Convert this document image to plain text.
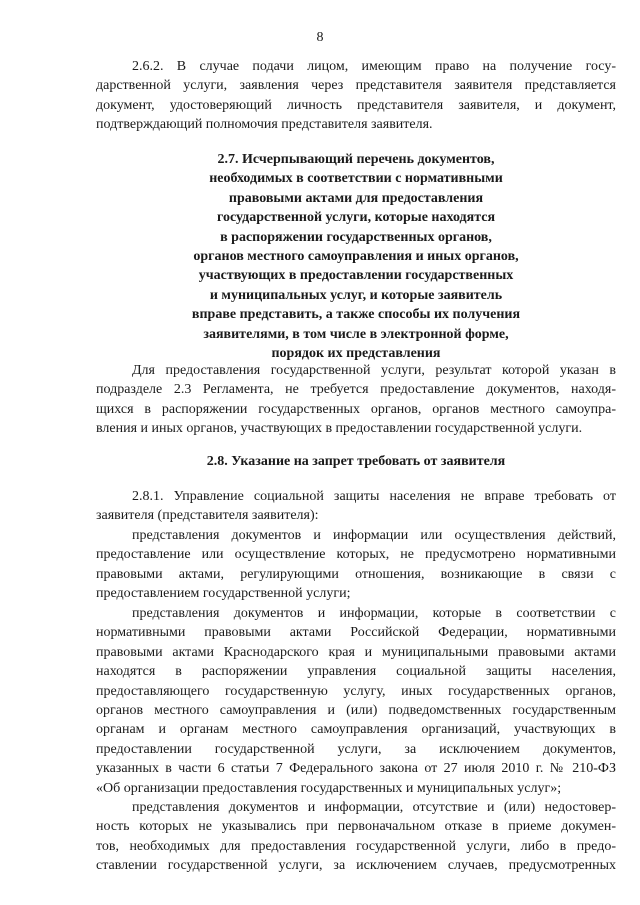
8

2.6.2. В случае подачи лицом, имеющим право на получение госу-
дарственной услуги, заявления через представителя заявителя представляется
документ, удостоверяющий личность представителя заявителя, и документ,
подтверждающий полномочия представителя заявителя.

2.7. Исчерпывающий перечень документов,
необходимых в соответствии с нормативными
правовыми актами для предоставления
государственной услуги, которые находятся
в распоряжении государственных органов,
органов местного самоуправления и иных органов,
участвующих в предоставлении государственных
и муниципальных услуг, и которые заявитель
вправе представить, а также способы их получения
заявителями, в том числе в электронной форме,
порядок их представления

Для предоставления государственной услуги, результат которой указан в
подразделе 2.3 Регламента, не требуется предоставление документов, находя-
щихся в распоряжении государственных органов, органов местного самоупра-
вления и иных органов, участвующих в предоставлении государственной услуги.

2.8. Указание на запрет требовать от заявителя

2.8.1. Управление социальной защиты населения не вправе требовать от
заявителя (представителя заявителя):

представления документов и информации или осуществления действий,
предоставление или осуществление которых, не предусмотрено нормативными
правовыми актами, регулирующими отношения, возникающие в связи с
предоставлением государственной услуги;

представления документов и информации, которые в соответствии с
нормативными правовыми актами Российской Федерации, нормативными
правовыми актами Краснодарского края и муниципальными правовыми актами
находятся в распоряжении управления социальной защиты населения,
предоставляющего государственную услугу, иных государственных органов,
органов местного самоуправления и (или) подведомственных государственным
органам и органам местного самоуправления организаций, участвующих в
предоставлении государственной услуги, за исключением документов,
указанных в части 6 статьи 7 Федерального закона от 27 июля 2010 г. № 210-ФЗ
«Об организации предоставления государственных и муниципальных услуг»;

представления документов и информации, отсутствие и (или) недостовер-
ность которых не указывались при первоначальном отказе в приеме докумен-
тов, необходимых для предоставления государственной услуги, либо в предо-
ставлении государственной услуги, за исключением случаев, предусмотренных
